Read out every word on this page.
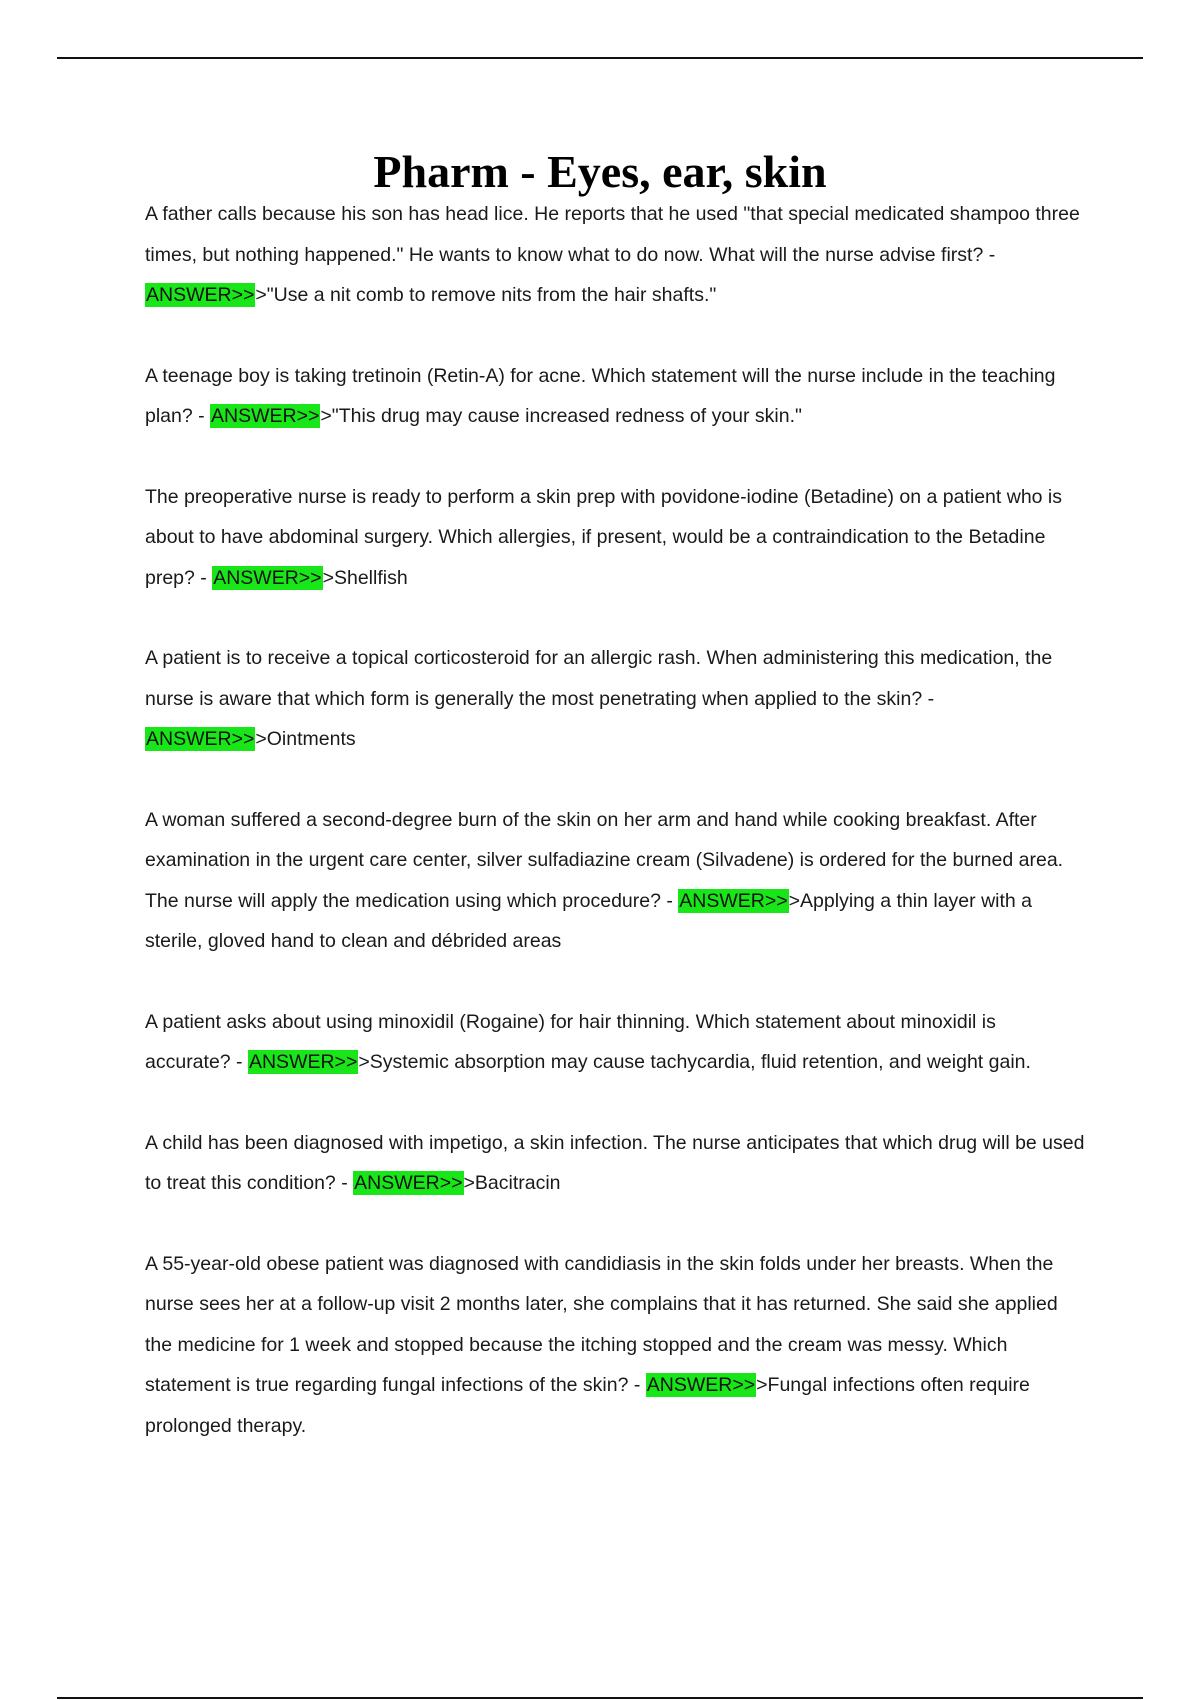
Pharm - Eyes, ear, skin

A father calls because his son has head lice. He reports that he used "that special medicated shampoo three times, but nothing happened." He wants to know what to do now. What will the nurse advise first? - ANSWER>>>"Use a nit comb to remove nits from the hair shafts."

A teenage boy is taking tretinoin (Retin-A) for acne. Which statement will the nurse include in the teaching plan? - ANSWER>>>"This drug may cause increased redness of your skin."

The preoperative nurse is ready to perform a skin prep with povidone-iodine (Betadine) on a patient who is about to have abdominal surgery. Which allergies, if present, would be a contraindication to the Betadine prep? - ANSWER>>>Shellfish

A patient is to receive a topical corticosteroid for an allergic rash. When administering this medication, the nurse is aware that which form is generally the most penetrating when applied to the skin? - ANSWER>>>Ointments

A woman suffered a second-degree burn of the skin on her arm and hand while cooking breakfast. After examination in the urgent care center, silver sulfadiazine cream (Silvadene) is ordered for the burned area. The nurse will apply the medication using which procedure? - ANSWER>>>Applying a thin layer with a sterile, gloved hand to clean and débrided areas

A patient asks about using minoxidil (Rogaine) for hair thinning. Which statement about minoxidil is accurate? - ANSWER>>>Systemic absorption may cause tachycardia, fluid retention, and weight gain.

A child has been diagnosed with impetigo, a skin infection. The nurse anticipates that which drug will be used to treat this condition? - ANSWER>>>Bacitracin

A 55-year-old obese patient was diagnosed with candidiasis in the skin folds under her breasts. When the nurse sees her at a follow-up visit 2 months later, she complains that it has returned. She said she applied the medicine for 1 week and stopped because the itching stopped and the cream was messy. Which statement is true regarding fungal infections of the skin? - ANSWER>>>Fungal infections often require prolonged therapy.
